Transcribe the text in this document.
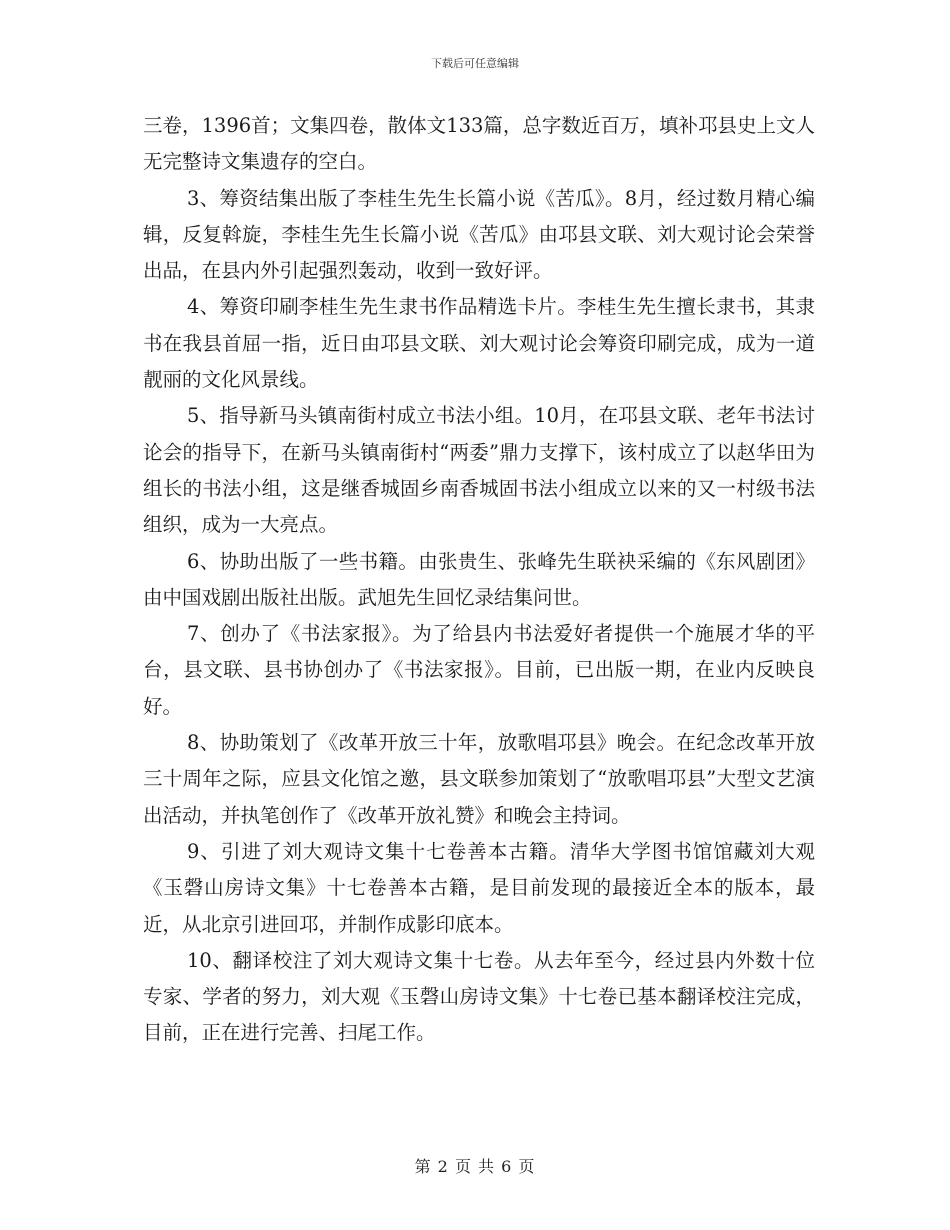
下载后可任意编辑

三卷，1396首；文集四卷，散体文133篇，总字数近百万，填补邛县史上文人无完整诗文集遗存的空白。

3、筹资结集出版了李桂生先生长篇小说《苦瓜》。8月，经过数月精心编辑，反复斡旋，李桂生先生长篇小说《苦瓜》由邛县文联、刘大观讨论会荣誉出品，在县内外引起强烈轰动，收到一致好评。

4、筹资印刷李桂生先生隶书作品精选卡片。李桂生先生擅长隶书，其隶书在我县首屈一指，近日由邛县文联、刘大观讨论会筹资印刷完成，成为一道靓丽的文化风景线。

5、指导新马头镇南街村成立书法小组。10月，在邛县文联、老年书法讨论会的指导下，在新马头镇南街村“两委”鼎力支撑下，该村成立了以赵华田为组长的书法小组，这是继香城固乡南香城固书法小组成立以来的又一村级书法组织，成为一大亮点。

6、协助出版了一些书籍。由张贵生、张峰先生联袂采编的《东风剧团》由中国戏剧出版社出版。武旭先生回忆录结集问世。

7、创办了《书法家报》。为了给县内书法爱好者提供一个施展才华的平台，县文联、县书协创办了《书法家报》。目前，已出版一期，在业内反映良好。

8、协助策划了《改革开放三十年，放歌唱邛县》晚会。在纪念改革开放三十周年之际，应县文化馆之邀，县文联参加策划了“放歌唱邛县”大型文艺演出活动，并执笔创作了《改革开放礼赞》和晚会主持词。

9、引进了刘大观诗文集十七卷善本古籍。清华大学图书馆馆藏刘大观《玉磬山房诗文集》十七卷善本古籍，是目前发现的最接近全本的版本，最近，从北京引进回邛，并制作成影印底本。

10、翻译校注了刘大观诗文集十七卷。从去年至今，经过县内外数十位专家、学者的努力，刘大观《玉磬山房诗文集》十七卷已基本翻译校注完成，目前，正在进行完善、扫尾工作。

第 2 页 共 6 页
